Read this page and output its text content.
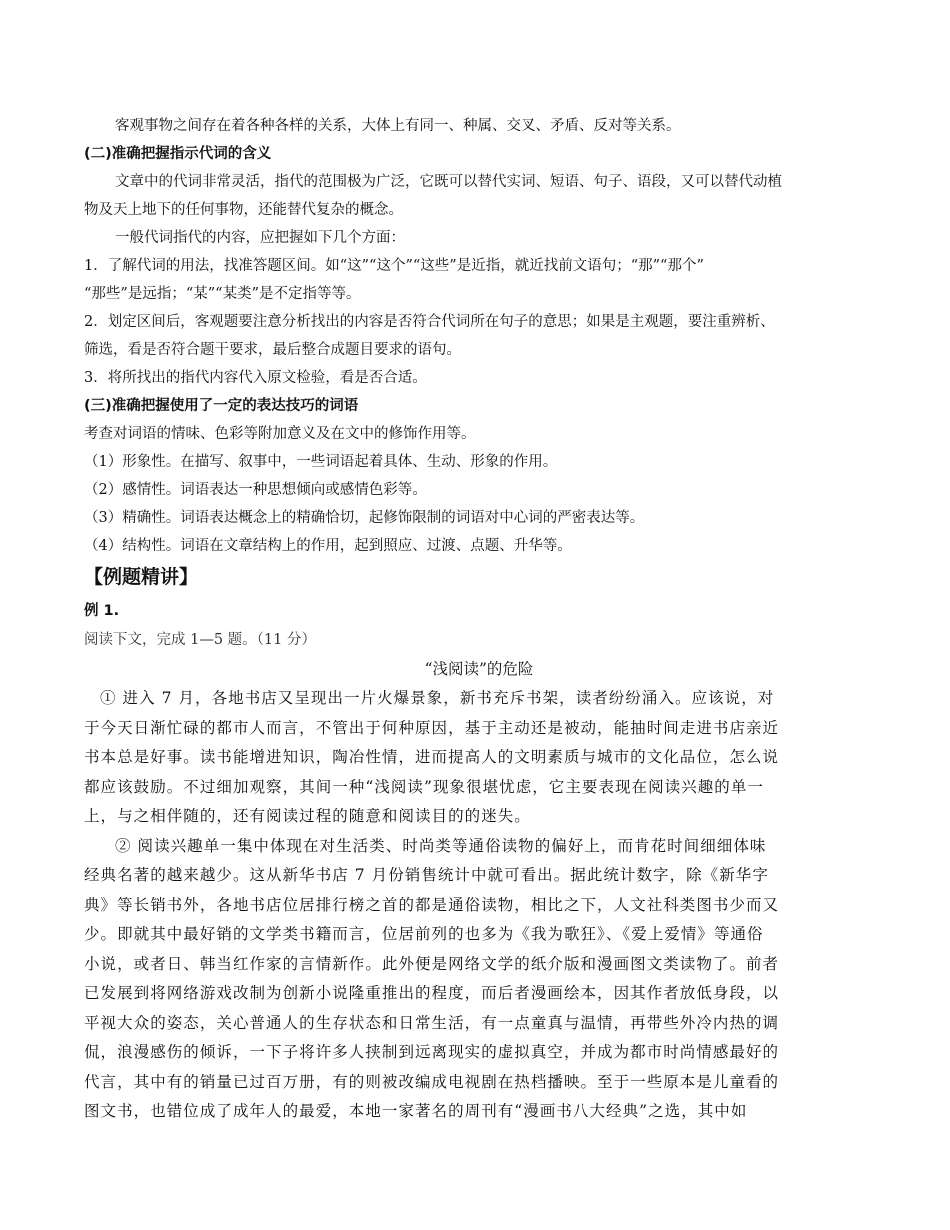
客观事物之间存在着各种各样的关系，大体上有同一、种属、交叉、矛盾、反对等关系。

(二)准确把握指示代词的含义

文章中的代词非常灵活，指代的范围极为广泛，它既可以替代实词、短语、句子、语段，又可以替代动植

物及天上地下的任何事物，还能替代复杂的概念。

一般代词指代的内容，应把握如下几个方面：

1．了解代词的用法，找准答题区间。如“这”“这个”“这些”是近指，就近找前文语句；“那”“那个”

“那些”是远指；“某”“某类”是不定指等等。

2．划定区间后，客观题要注意分析找出的内容是否符合代词所在句子的意思；如果是主观题，要注重辨析、

筛选，看是否符合题干要求，最后整合成题目要求的语句。

3．将所找出的指代内容代入原文检验，看是否合适。

(三)准确把握使用了一定的表达技巧的词语

考查对词语的情味、色彩等附加意义及在文中的修饰作用等。

（1）形象性。在描写、叙事中，一些词语起着具体、生动、形象的作用。

（2）感情性。词语表达一种思想倾向或感情色彩等。

（3）精确性。词语表达概念上的精确恰切，起修饰限制的词语对中心词的严密表达等。

（4）结构性。词语在文章结构上的作用，起到照应、过渡、点题、升华等。

【例题精讲】

例 1.

阅读下文，完成 1—5 题。（11 分）

“浅阅读”的危险

① 进入 7 月，各地书店又呈现出一片火爆景象，新书充斥书架，读者纷纷涌入。应该说，对
于今天日渐忙碌的都市人而言，不管出于何种原因，基于主动还是被动，能抽时间走进书店亲近
书本总是好事。读书能增进知识，陶冶性情，进而提高人的文明素质与城市的文化品位，怎么说
都应该鼓励。不过细加观察，其间一种“浅阅读”现象很堪忧虑，它主要表现在阅读兴趣的单一
上，与之相伴随的，还有阅读过程的随意和阅读目的的迷失。
② 阅读兴趣单一集中体现在对生活类、时尚类等通俗读物的偏好上，而肯花时间细细体味
经典名著的越来越少。这从新华书店 7 月份销售统计中就可看出。据此统计数字，除《新华字
典》等长销书外，各地书店位居排行榜之首的都是通俗读物，相比之下，人文社科类图书少而又
少。即就其中最好销的文学类书籍而言，位居前列的也多为《我为歌狂》、《爱上爱情》等通俗
小说，或者日、韩当红作家的言情新作。此外便是网络文学的纸介版和漫画图文类读物了。前者
已发展到将网络游戏改制为创新小说隆重推出的程度，而后者漫画绘本，因其作者放低身段，以
平视大众的姿态，关心普通人的生存状态和日常生活，有一点童真与温情，再带些外冷内热的调
侃，浪漫感伤的倾诉，一下子将许多人挟制到远离现实的虚拟真空，并成为都市时尚情感最好的
代言，其中有的销量已过百万册，有的则被改编成电视剧在热档播映。至于一些原本是儿童看的
图文书，也错位成了成年人的最爱，本地一家著名的周刊有“漫画书八大经典”之选，其中如
